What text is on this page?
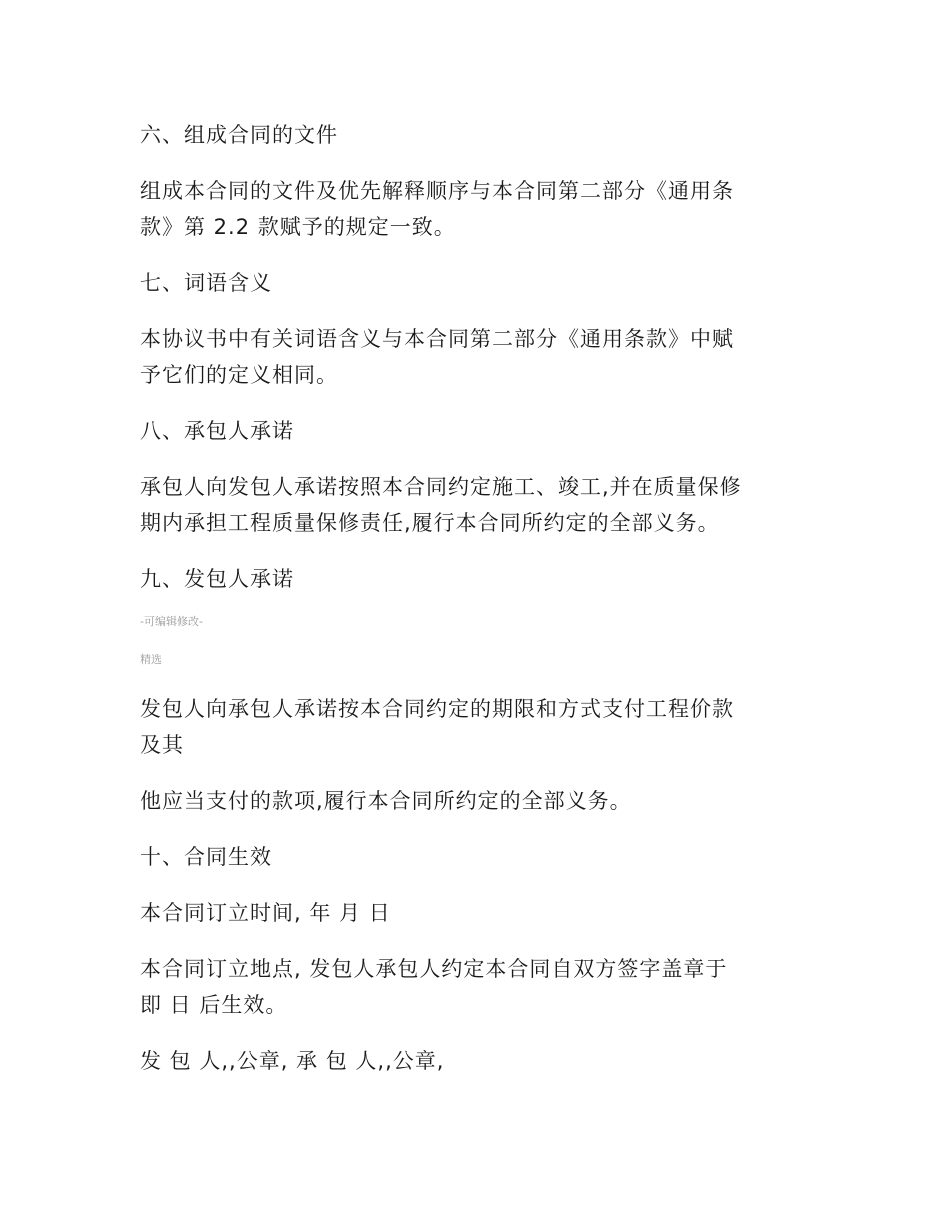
六、组成合同的文件
组成本合同的文件及优先解释顺序与本合同第二部分《通用条
款》第 2.2 款赋予的规定一致。
七、词语含义
本协议书中有关词语含义与本合同第二部分《通用条款》中赋
予它们的定义相同。
八、承包人承诺
承包人向发包人承诺按照本合同约定施工、竣工,并在质量保修
期内承担工程质量保修责任,履行本合同所约定的全部义务。
九、发包人承诺
-可编辑修改-
精选
发包人向承包人承诺按本合同约定的期限和方式支付工程价款
及其
他应当支付的款项,履行本合同所约定的全部义务。
十、合同生效
本合同订立时间, 年 月 日
本合同订立地点, 发包人承包人约定本合同自双方签字盖章于
即 日 后生效。
发 包 人,,公章, 承 包 人,,公章,
